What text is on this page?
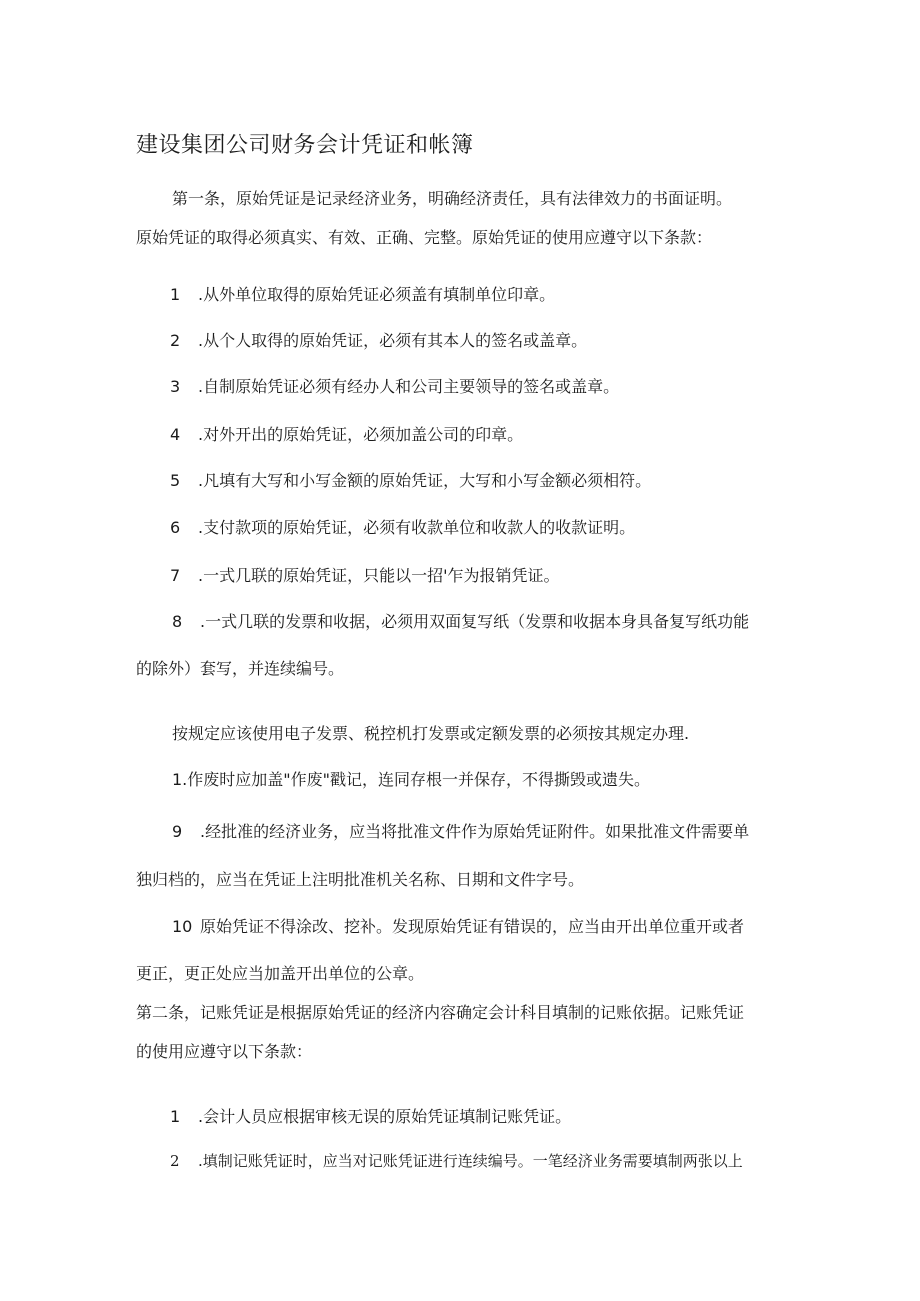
建设集团公司财务会计凭证和帐簿
第一条，原始凭证是记录经济业务，明确经济责任，具有法律效力的书面证明。
原始凭证的取得必须真实、有效、正确、完整。原始凭证的使用应遵守以下条款：
1 .从外单位取得的原始凭证必须盖有填制单位印章。
2 .从个人取得的原始凭证，必须有其本人的签名或盖章。
3 .自制原始凭证必须有经办人和公司主要领导的签名或盖章。
4 .对外开出的原始凭证，必须加盖公司的印章。
5 .凡填有大写和小写金额的原始凭证，大写和小写金额必须相符。
6 .支付款项的原始凭证，必须有收款单位和收款人的收款证明。
7 .一式几联的原始凭证，只能以一招'乍为报销凭证。
8 .一式几联的发票和收据，必须用双面复写纸（发票和收据本身具备复写纸功能
的除外）套写，并连续编号。
按规定应该使用电子发票、税控机打发票或定额发票的必须按其规定办理.
1.作废时应加盖"作废"戳记，连同存根一并保存，不得撕毁或遗失。
9 .经批准的经济业务，应当将批准文件作为原始凭证附件。如果批准文件需要单
独归档的，应当在凭证上注明批准机关名称、日期和文件字号。
10 原始凭证不得涂改、挖补。发现原始凭证有错误的，应当由开出单位重开或者
更正，更正处应当加盖开出单位的公章。
第二条，记账凭证是根据原始凭证的经济内容确定会计科目填制的记账依据。记账凭证
的使用应遵守以下条款：
1 .会计人员应根据审核无误的原始凭证填制记账凭证。
2 .填制记账凭证时，应当对记账凭证进行连续编号。一笔经济业务需要填制两张以上
